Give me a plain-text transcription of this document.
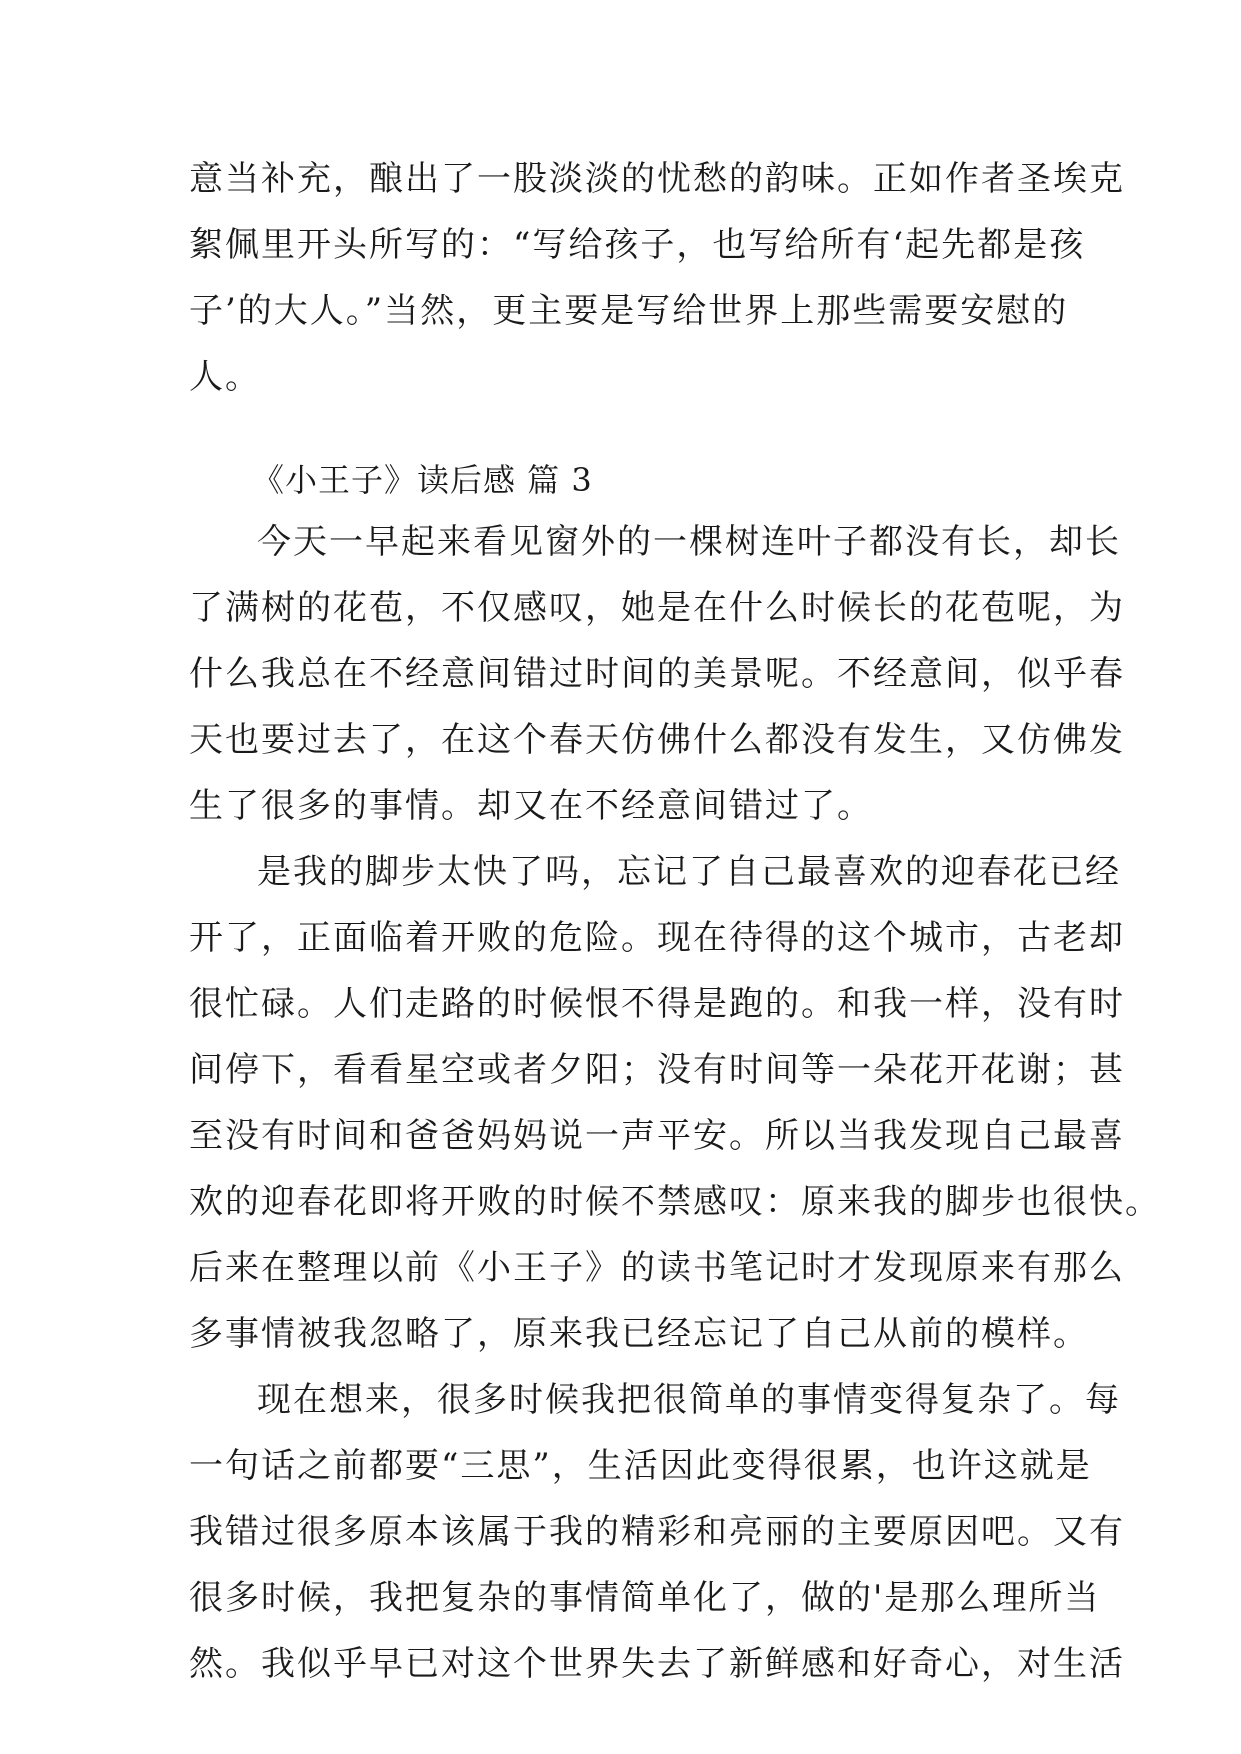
意当补充，酿出了一股淡淡的忧愁的韵味。正如作者圣埃克
絮佩里开头所写的：“写给孩子，也写给所有‘起先都是孩
子’的大人。”当然，更主要是写给世界上那些需要安慰的
人。
《小王子》读后感 篇 3
今天一早起来看见窗外的一棵树连叶子都没有长，却长
了满树的花苞，不仅感叹，她是在什么时候长的花苞呢，为
什么我总在不经意间错过时间的美景呢。不经意间，似乎春
天也要过去了，在这个春天仿佛什么都没有发生，又仿佛发
生了很多的事情。却又在不经意间错过了。
是我的脚步太快了吗，忘记了自己最喜欢的迎春花已经
开了，正面临着开败的危险。现在待得的这个城市，古老却
很忙碌。人们走路的时候恨不得是跑的。和我一样，没有时
间停下，看看星空或者夕阳；没有时间等一朵花开花谢；甚
至没有时间和爸爸妈妈说一声平安。所以当我发现自己最喜
欢的迎春花即将开败的时候不禁感叹：原来我的脚步也很快。
后来在整理以前《小王子》的读书笔记时才发现原来有那么
多事情被我忽略了，原来我已经忘记了自己从前的模样。
现在想来，很多时候我把很简单的事情变得复杂了。每
一句话之前都要“三思”，生活因此变得很累，也许这就是
我错过很多原本该属于我的精彩和亮丽的主要原因吧。又有
很多时候，我把复杂的事情简单化了，做的'是那么理所当
然。我似乎早已对这个世界失去了新鲜感和好奇心，对生活
